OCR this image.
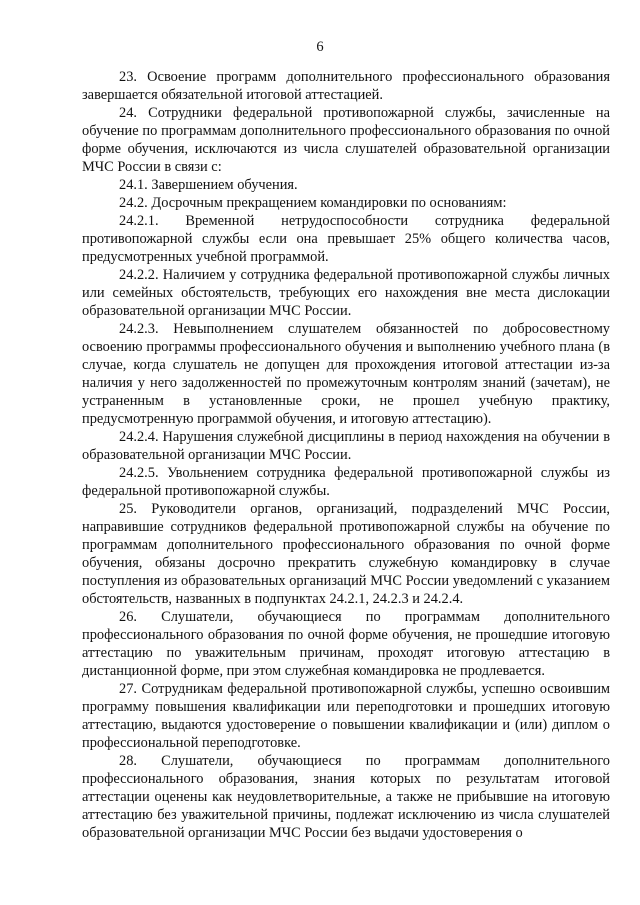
6

23. Освоение программ дополнительного профессионального образования завершается обязательной итоговой аттестацией.

24. Сотрудники федеральной противопожарной службы, зачисленные на обучение по программам дополнительного профессионального образования по очной форме обучения, исключаются из числа слушателей образовательной организации МЧС России в связи с:

24.1. Завершением обучения.

24.2. Досрочным прекращением командировки по основаниям:

24.2.1. Временной нетрудоспособности сотрудника федеральной противопожарной службы если она превышает 25% общего количества часов, предусмотренных учебной программой.

24.2.2. Наличием у сотрудника федеральной противопожарной службы личных или семейных обстоятельств, требующих его нахождения вне места дислокации образовательной организации МЧС России.

24.2.3. Невыполнением слушателем обязанностей по добросовестному освоению программы профессионального обучения и выполнению учебного плана (в случае, когда слушатель не допущен для прохождения итоговой аттестации из-за наличия у него задолженностей по промежуточным контролям знаний (зачетам), не устраненным в установленные сроки, не прошел учебную практику, предусмотренную программой обучения, и итоговую аттестацию).

24.2.4. Нарушения служебной дисциплины в период нахождения на обучении в образовательной организации МЧС России.

24.2.5. Увольнением сотрудника федеральной противопожарной службы из федеральной противопожарной службы.

25. Руководители органов, организаций, подразделений МЧС России, направившие сотрудников федеральной противопожарной службы на обучение по программам дополнительного профессионального образования по очной форме обучения, обязаны досрочно прекратить служебную командировку в случае поступления из образовательных организаций МЧС России уведомлений с указанием обстоятельств, названных в подпунктах 24.2.1, 24.2.3 и 24.2.4.

26. Слушатели, обучающиеся по программам дополнительного профессионального образования по очной форме обучения, не прошедшие итоговую аттестацию по уважительным причинам, проходят итоговую аттестацию в дистанционной форме, при этом служебная командировка не продлевается.

27. Сотрудникам федеральной противопожарной службы, успешно освоившим программу повышения квалификации или переподготовки и прошедших итоговую аттестацию, выдаются удостоверение о повышении квалификации и (или) диплом о профессиональной переподготовке.

28. Слушатели, обучающиеся по программам дополнительного профессионального образования, знания которых по результатам итоговой аттестации оценены как неудовлетворительные, а также не прибывшие на итоговую аттестацию без уважительной причины, подлежат исключению из числа слушателей образовательной организации МЧС России без выдачи удостоверения о
